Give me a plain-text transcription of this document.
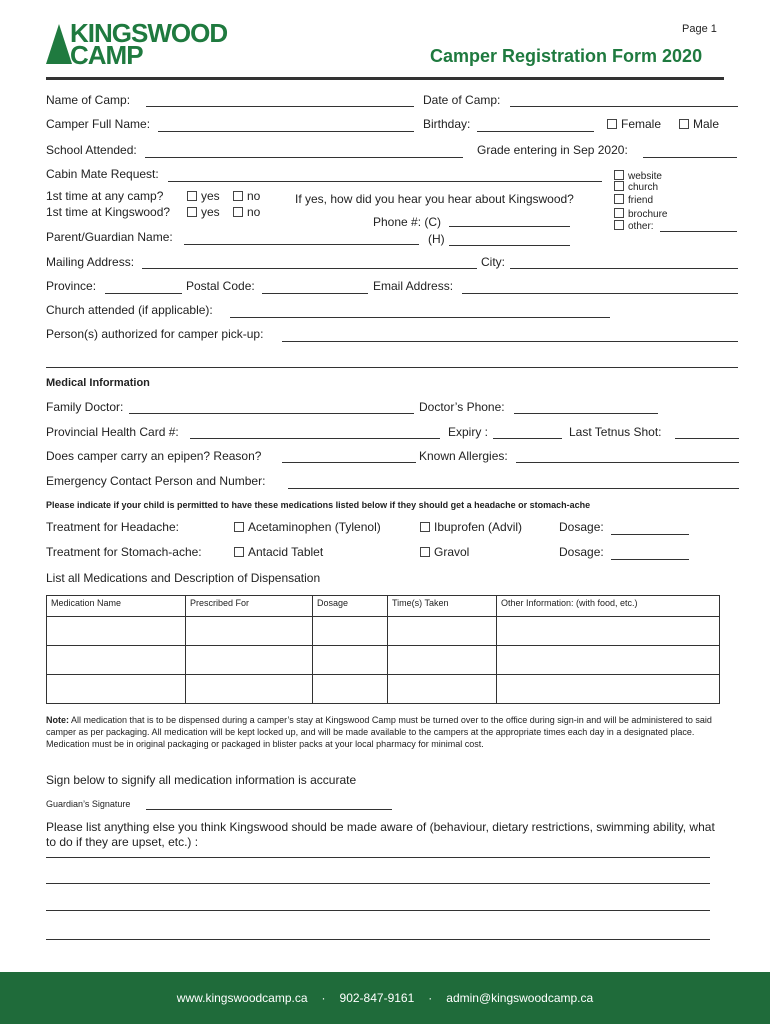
KINGSWOOD
CAMP
Page 1
Camper Registration Form 2020
Name of Camp:	Date of Camp:
Camper Full Name:	Birthday:	Female	Male
School Attended:	Grade entering in Sep 2020:
Cabin Mate Request:	website
church
friend
brochure
other:
1st time at any camp?	yes	no
1st time at Kingswood?	yes	no
If yes, how did you hear you hear about Kingswood?
Phone #: (C)
(H)
Parent/Guardian Name:
Mailing Address:	City:
Province:	Postal Code:	Email Address:
Church attended (if applicable):
Person(s) authorized for camper pick-up:
Medical Information
Family Doctor:	Doctor’s Phone:
Provincial Health Card #:	Expiry :	Last Tetnus Shot:
Does camper carry an epipen? Reason?	Known Allergies:
Emergency Contact Person and Number:
Please indicate if your child is permitted to have these medications listed below if they should get a headache or stomach-ache
Treatment for Headache:	Acetaminophen (Tylenol)	Ibuprofen (Advil)	Dosage:
Treatment for Stomach-ache:	Antacid Tablet	Gravol	Dosage:
List all Medications and Description of Dispensation
Medication Name	Prescribed For	Dosage	Time(s) Taken	Other Information: (with food, etc.)

Note: All medication that is to be dispensed during a camper’s stay at Kingswood Camp must be turned over to the office during sign-in and will be administered to said camper as per packaging. All medication will be kept locked up, and will be made available to the campers at the appropriate times each day in a designated place. Medication must be in original packaging or packaged in blister packs at your local pharmacy for minimal cost.
Sign below to signify all medication information is accurate
Guardian’s Signature
Please list anything else you think Kingswood should be made aware of (behaviour, dietary restrictions, swimming ability, what to do if they are upset, etc.) :
www.kingswoodcamp.ca · 902-847-9161 · admin@kingswoodcamp.ca
